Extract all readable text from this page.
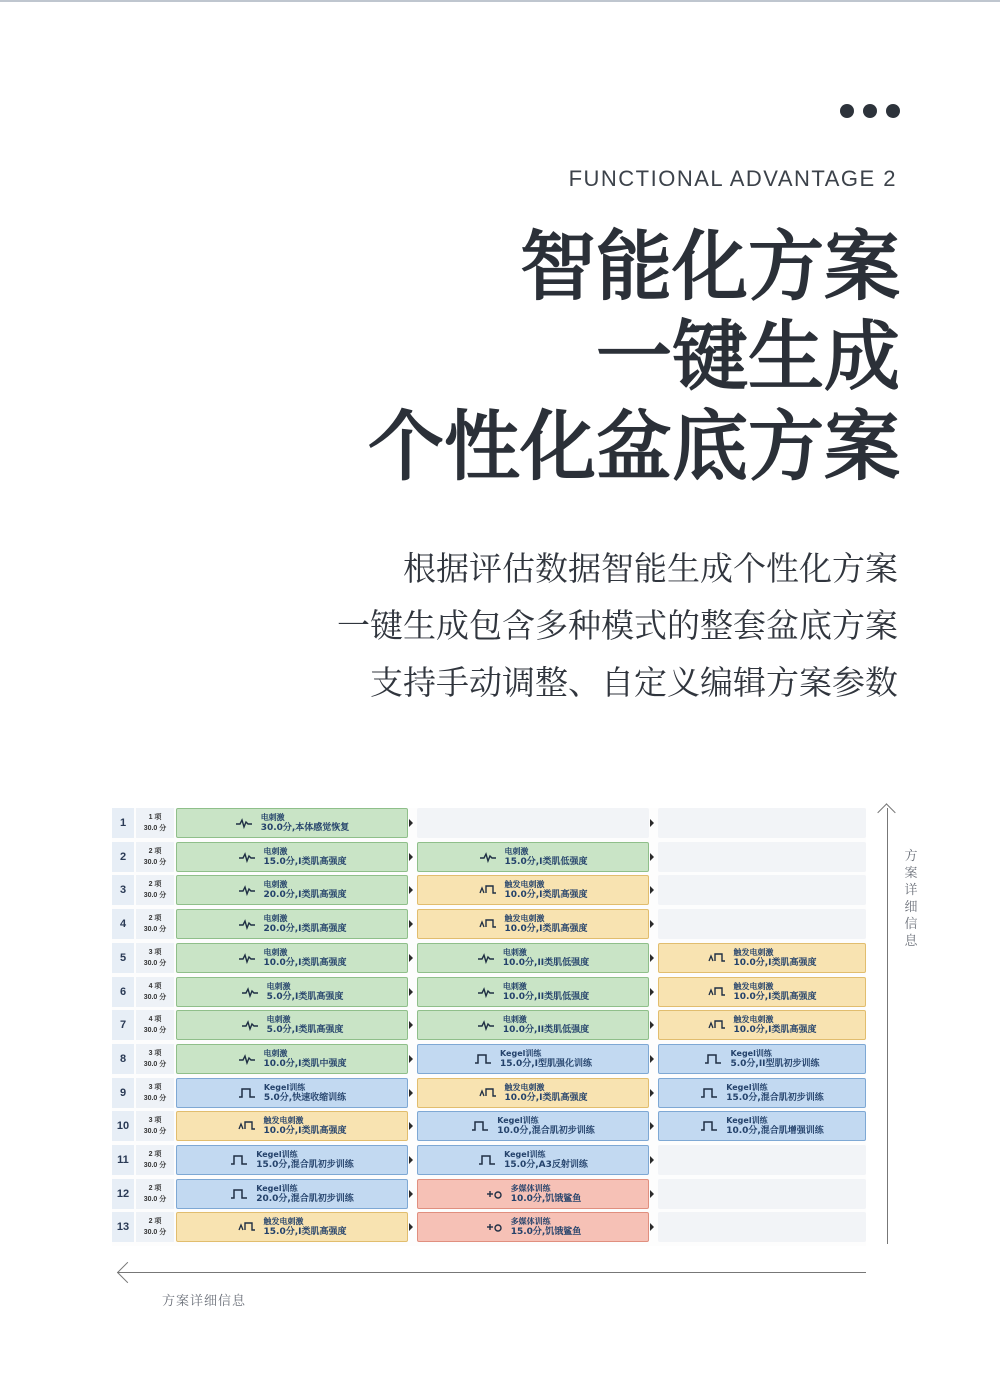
FUNCTIONAL ADVANTAGE 2
智能化方案
一键生成
个性化盆底方案
根据评估数据智能生成个性化方案
一键生成包含多种模式的整套盆底方案
支持手动调整、自定义编辑方案参数
1	1 项
30.0 分
电刺激
30.0分,本体感觉恢复
2	2 项
30.0 分
电刺激
15.0分,I类肌高强度
电刺激
15.0分,I类肌低强度
3	2 项
30.0 分
电刺激
20.0分,I类肌高强度
触发电刺激
10.0分,I类肌高强度
4	2 项
30.0 分
电刺激
20.0分,I类肌高强度
触发电刺激
10.0分,I类肌高强度
5	3 项
30.0 分
电刺激
10.0分,I类肌高强度
电刺激
10.0分,II类肌低强度
触发电刺激
10.0分,I类肌高强度
6	4 项
30.0 分
电刺激
5.0分,I类肌高强度
电刺激
10.0分,II类肌低强度
触发电刺激
10.0分,I类肌高强度
7	4 项
30.0 分
电刺激
5.0分,I类肌高强度
电刺激
10.0分,II类肌低强度
触发电刺激
10.0分,I类肌高强度
8	3 项
30.0 分
电刺激
10.0分,I类肌中强度
Kegel训练
15.0分,I型肌强化训练
Kegel训练
5.0分,II型肌初步训练
9	3 项
30.0 分
Kegel训练
5.0分,快速收缩训练
触发电刺激
10.0分,I类肌高强度
Kegel训练
15.0分,混合肌初步训练
10	3 项
30.0 分
触发电刺激
10.0分,I类肌高强度
Kegel训练
10.0分,混合肌初步训练
Kegel训练
10.0分,混合肌增强训练
11	2 项
30.0 分
Kegel训练
15.0分,混合肌初步训练
Kegel训练
15.0分,A3反射训练
12	2 项
30.0 分
Kegel训练
20.0分,混合肌初步训练
多媒体训练
10.0分,饥饿鲨鱼
13	2 项
30.0 分
触发电刺激
15.0分,I类肌高强度
多媒体训练
15.0分,饥饿鲨鱼
方案详细信息
方案详细信息
